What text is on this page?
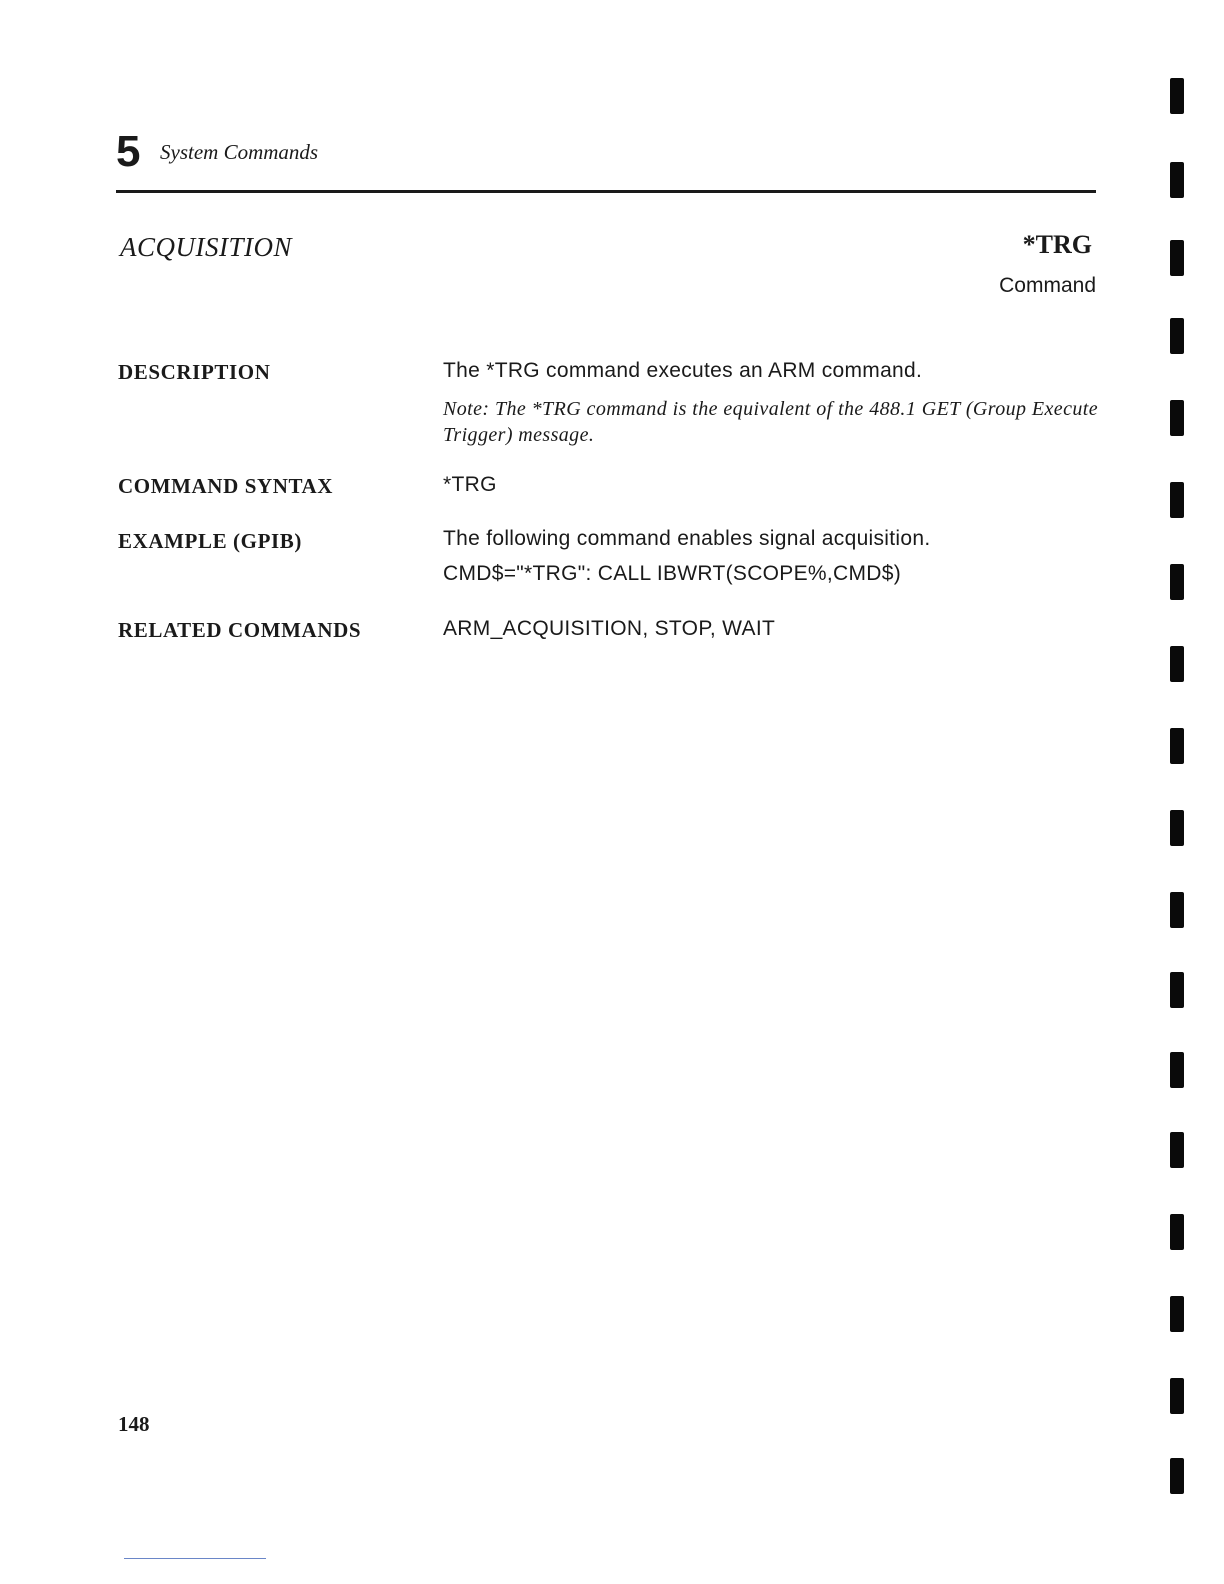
5 System Commands
ACQUISITION	*TRG
Command
DESCRIPTION	The *TRG command executes an ARM command.
Note: The *TRG command is the equivalent of the 488.1 GET (Group Execute Trigger) message.
COMMAND SYNTAX	*TRG
EXAMPLE (GPIB)	The following command enables signal acquisition.
CMD$="*TRG": CALL IBWRT(SCOPE%,CMD$)
RELATED COMMANDS	ARM_ACQUISITION, STOP, WAIT
148
